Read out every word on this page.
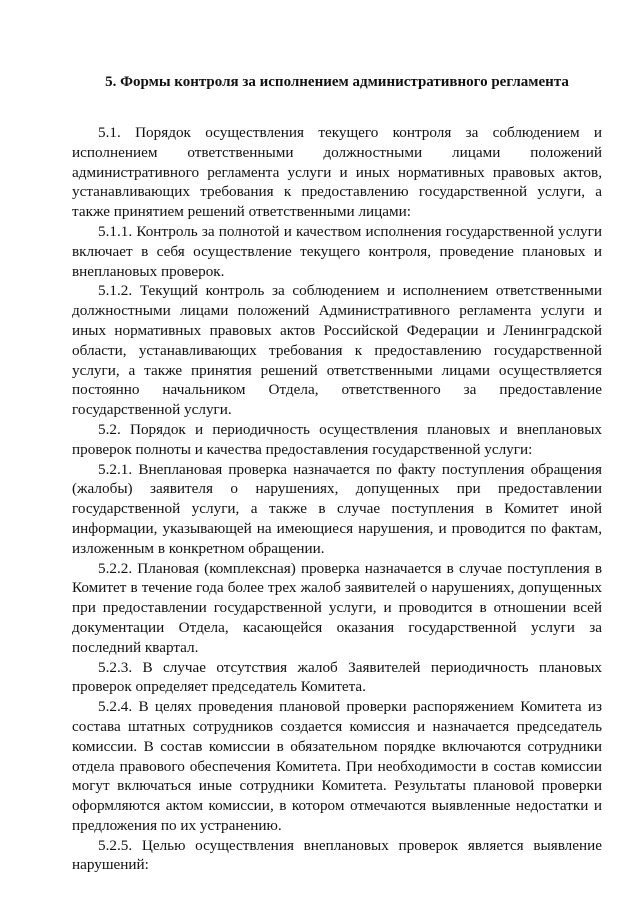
5. Формы контроля за исполнением административного регламента

5.1. Порядок осуществления текущего контроля за соблюдением и исполнением ответственными должностными лицами положений административного регламента услуги и иных нормативных правовых актов, устанавливающих требования к предоставлению государственной услуги, а также принятием решений ответственными лицами:

5.1.1. Контроль за полнотой и качеством исполнения государственной услуги включает в себя осуществление текущего контроля, проведение плановых и внеплановых проверок.

5.1.2. Текущий контроль за соблюдением и исполнением ответственными должностными лицами положений Административного регламента услуги и иных нормативных правовых актов Российской Федерации и Ленинградской области, устанавливающих требования к предоставлению государственной услуги, а также принятия решений ответственными лицами осуществляется постоянно начальником Отдела, ответственного за предоставление государственной услуги.

5.2. Порядок и периодичность осуществления плановых и внеплановых проверок полноты и качества предоставления государственной услуги:

5.2.1. Внеплановая проверка назначается по факту поступления обращения (жалобы) заявителя о нарушениях, допущенных при предоставлении государственной услуги, а также в случае поступления в Комитет иной информации, указывающей на имеющиеся нарушения, и проводится по фактам, изложенным в конкретном обращении.

5.2.2. Плановая (комплексная) проверка назначается в случае поступления в Комитет в течение года более трех жалоб заявителей о нарушениях, допущенных при предоставлении государственной услуги, и проводится в отношении всей документации Отдела, касающейся оказания государственной услуги за последний квартал.

5.2.3. В случае отсутствия жалоб Заявителей периодичность плановых проверок определяет председатель Комитета.

5.2.4. В целях проведения плановой проверки распоряжением Комитета из состава штатных сотрудников создается комиссия и назначается председатель комиссии. В состав комиссии в обязательном порядке включаются сотрудники отдела правового обеспечения Комитета. При необходимости в состав комиссии могут включаться иные сотрудники Комитета. Результаты плановой проверки оформляются актом комиссии, в котором отмечаются выявленные недостатки и предложения по их устранению.

5.2.5. Целью осуществления внеплановых проверок является выявление нарушений:
